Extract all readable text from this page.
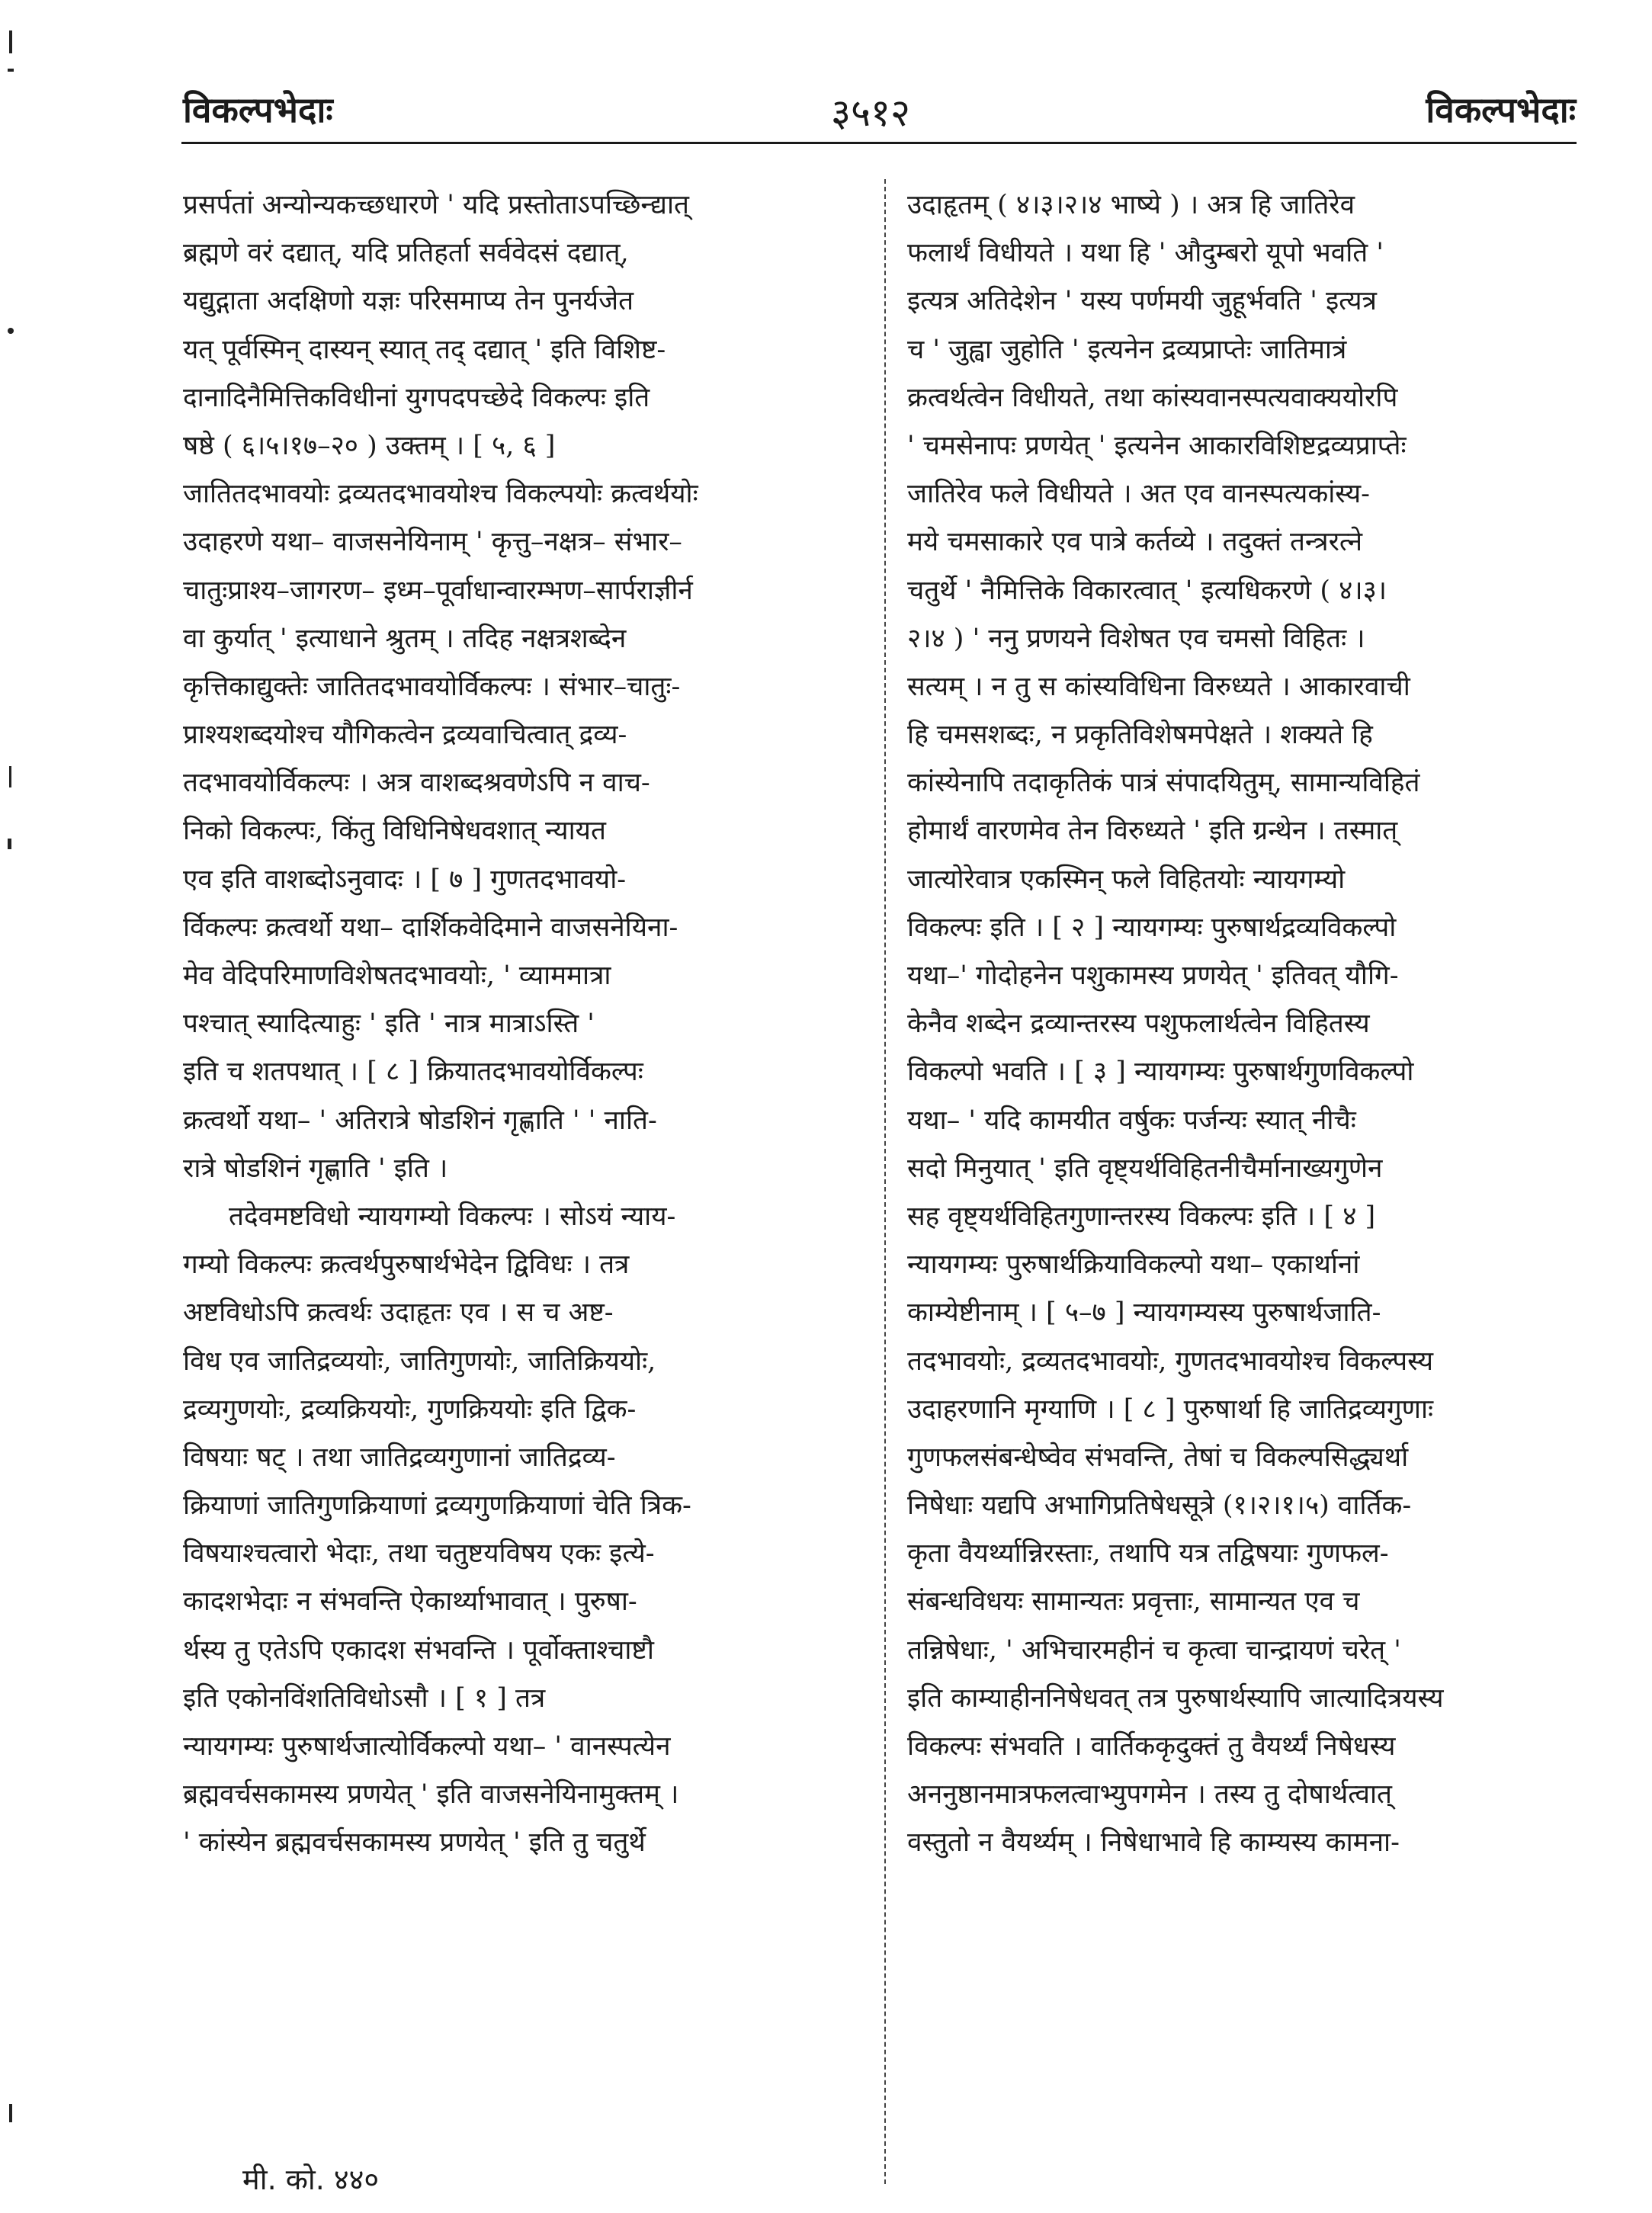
विकल्पभेदाः	३५१२	विकल्पभेदाः
प्रसर्पतां अन्योन्यकच्छधारणे ' यदि प्रस्तोताऽपच्छिन्द्यात्
ब्रह्मणे वरं दद्यात्, यदि प्रतिहर्ता सर्ववेदसं दद्यात्,
यद्युद्गाता अदक्षिणो यज्ञः परिसमाप्य तेन पुनर्यजेत
यत् पूर्वस्मिन् दास्यन् स्यात् तद् दद्यात् ' इति विशिष्ट-
दानादिनैमित्तिकविधीनां युगपदपच्छेदे विकल्पः इति
षष्ठे ( ६।५।१७–२० ) उक्तम् । [ ५, ६ ]
जातितदभावयोः द्रव्यतदभावयोश्च विकल्पयोः क्रत्वर्थयोः
उदाहरणे यथा– वाजसनेयिनाम् ' कृत्तु–नक्षत्र– संभार–
चातुःप्राश्य–जागरण– इध्म–पूर्वाधान्वारम्भण–सार्पराज्ञीर्न
वा कुर्यात् ' इत्याधाने श्रुतम् । तदिह नक्षत्रशब्देन
कृत्तिकाद्युक्तेः जातितदभावयोर्विकल्पः । संभार–चातुः-
प्राश्यशब्दयोश्च यौगिकत्वेन द्रव्यवाचित्वात् द्रव्य-
तदभावयोर्विकल्पः । अत्र वाशब्दश्रवणेऽपि न वाच-
निको विकल्पः, किंतु विधिनिषेधवशात् न्यायत
एव इति वाशब्दोऽनुवादः । [ ७ ] गुणतदभावयो-
र्विकल्पः क्रत्वर्थो यथा– दार्शिकवेदिमाने वाजसनेयिना-
मेव वेदिपरिमाणविशेषतदभावयोः, ' व्याममात्रा
पश्चात् स्यादित्याहुः ' इति ' नात्र मात्राऽस्ति '
इति च शतपथात् । [ ८ ] क्रियातदभावयोर्विकल्पः
क्रत्वर्थो यथा– ' अतिरात्रे षोडशिनं गृह्णाति ' ' नाति-
रात्रे षोडशिनं गृह्णाति ' इति ।
तदेवमष्टविधो न्यायगम्यो विकल्पः । सोऽयं न्याय-
गम्यो विकल्पः क्रत्वर्थपुरुषार्थभेदेन द्विविधः । तत्र
अष्टविधोऽपि क्रत्वर्थः उदाहृतः एव । स च अष्ट-
विध एव जातिद्रव्ययोः, जातिगुणयोः, जातिक्रिययोः,
द्रव्यगुणयोः, द्रव्यक्रिययोः, गुणक्रिययोः इति द्विक-
विषयाः षट् । तथा जातिद्रव्यगुणानां जातिद्रव्य-
क्रियाणां जातिगुणक्रियाणां द्रव्यगुणक्रियाणां चेति त्रिक-
विषयाश्चत्वारो भेदाः, तथा चतुष्टयविषय एकः इत्ये-
कादशभेदाः न संभवन्ति ऐकार्थ्याभावात् । पुरुषा-
र्थस्य तु एतेऽपि एकादश संभवन्ति । पूर्वोक्ताश्चाष्टौ
इति एकोनविंशतिविधोऽसौ । [ १ ] तत्र
न्यायगम्यः पुरुषार्थजात्योर्विकल्पो यथा– ' वानस्पत्येन
ब्रह्मवर्चसकामस्य प्रणयेत् ' इति वाजसनेयिनामुक्तम् ।
' कांस्येन ब्रह्मवर्चसकामस्य प्रणयेत् ' इति तु चतुर्थे
उदाहृतम् ( ४।३।२।४ भाष्ये ) । अत्र हि जातिरेव
फलार्थं विधीयते । यथा हि ' औदुम्बरो यूपो भवति '
इत्यत्र अतिदेशेन ' यस्य पर्णमयी जुहूर्भवति ' इत्यत्र
च ' जुह्वा जुहोति ' इत्यनेन द्रव्यप्राप्तेः जातिमात्रं
क्रत्वर्थत्वेन विधीयते, तथा कांस्यवानस्पत्यवाक्ययोरपि
' चमसेनापः प्रणयेत् ' इत्यनेन आकारविशिष्टद्रव्यप्राप्तेः
जातिरेव फले विधीयते । अत एव वानस्पत्यकांस्य-
मये चमसाकारे एव पात्रे कर्तव्ये । तदुक्तं तन्त्ररत्ने
चतुर्थे ' नैमित्तिके विकारत्वात् ' इत्यधिकरणे ( ४।३।
२।४ ) ' ननु प्रणयने विशेषत एव चमसो विहितः ।
सत्यम् । न तु स कांस्यविधिना विरुध्यते । आकारवाची
हि चमसशब्दः, न प्रकृतिविशेषमपेक्षते । शक्यते हि
कांस्येनापि तदाकृतिकं पात्रं संपादयितुम्, सामान्यविहितं
होमार्थं वारणमेव तेन विरुध्यते ' इति ग्रन्थेन । तस्मात्
जात्योरेवात्र एकस्मिन् फले विहितयोः न्यायगम्यो
विकल्पः इति । [ २ ] न्यायगम्यः पुरुषार्थद्रव्यविकल्पो
यथा–' गोदोहनेन पशुकामस्य प्रणयेत् ' इतिवत् यौगि-
केनैव शब्देन द्रव्यान्तरस्य पशुफलार्थत्वेन विहितस्य
विकल्पो भवति । [ ३ ] न्यायगम्यः पुरुषार्थगुणविकल्पो
यथा– ' यदि कामयीत वर्षुकः पर्जन्यः स्यात् नीचैः
सदो मिनुयात् ' इति वृष्ट्यर्थविहितनीचैर्मानाख्यगुणेन
सह वृष्ट्यर्थविहितगुणान्तरस्य विकल्पः इति । [ ४ ]
न्यायगम्यः पुरुषार्थक्रियाविकल्पो यथा– एकार्थानां
काम्येष्टीनाम् । [ ५–७ ] न्यायगम्यस्य पुरुषार्थजाति-
तदभावयोः, द्रव्यतदभावयोः, गुणतदभावयोश्च विकल्पस्य
उदाहरणानि मृग्याणि । [ ८ ] पुरुषार्था हि जातिद्रव्यगुणाः
गुणफलसंबन्धेष्वेव संभवन्ति, तेषां च विकल्पसिद्ध्यर्था
निषेधाः यद्यपि अभागिप्रतिषेधसूत्रे (१।२।१।५) वार्तिक-
कृता वैयर्थ्यान्निरस्ताः, तथापि यत्र तद्विषयाः गुणफल-
संबन्धविधयः सामान्यतः प्रवृत्ताः, सामान्यत एव च
तन्निषेधाः, ' अभिचारमहीनं च कृत्वा चान्द्रायणं चरेत् '
इति काम्याहीननिषेधवत् तत्र पुरुषार्थस्यापि जात्यादित्रयस्य
विकल्पः संभवति । वार्तिककृदुक्तं तु वैयर्थ्यं निषेधस्य
अननुष्ठानमात्रफलत्वाभ्युपगमेन । तस्य तु दोषार्थत्वात्
वस्तुतो न वैयर्थ्यम् । निषेधाभावे हि काम्यस्य कामना-
मी. को. ४४०
